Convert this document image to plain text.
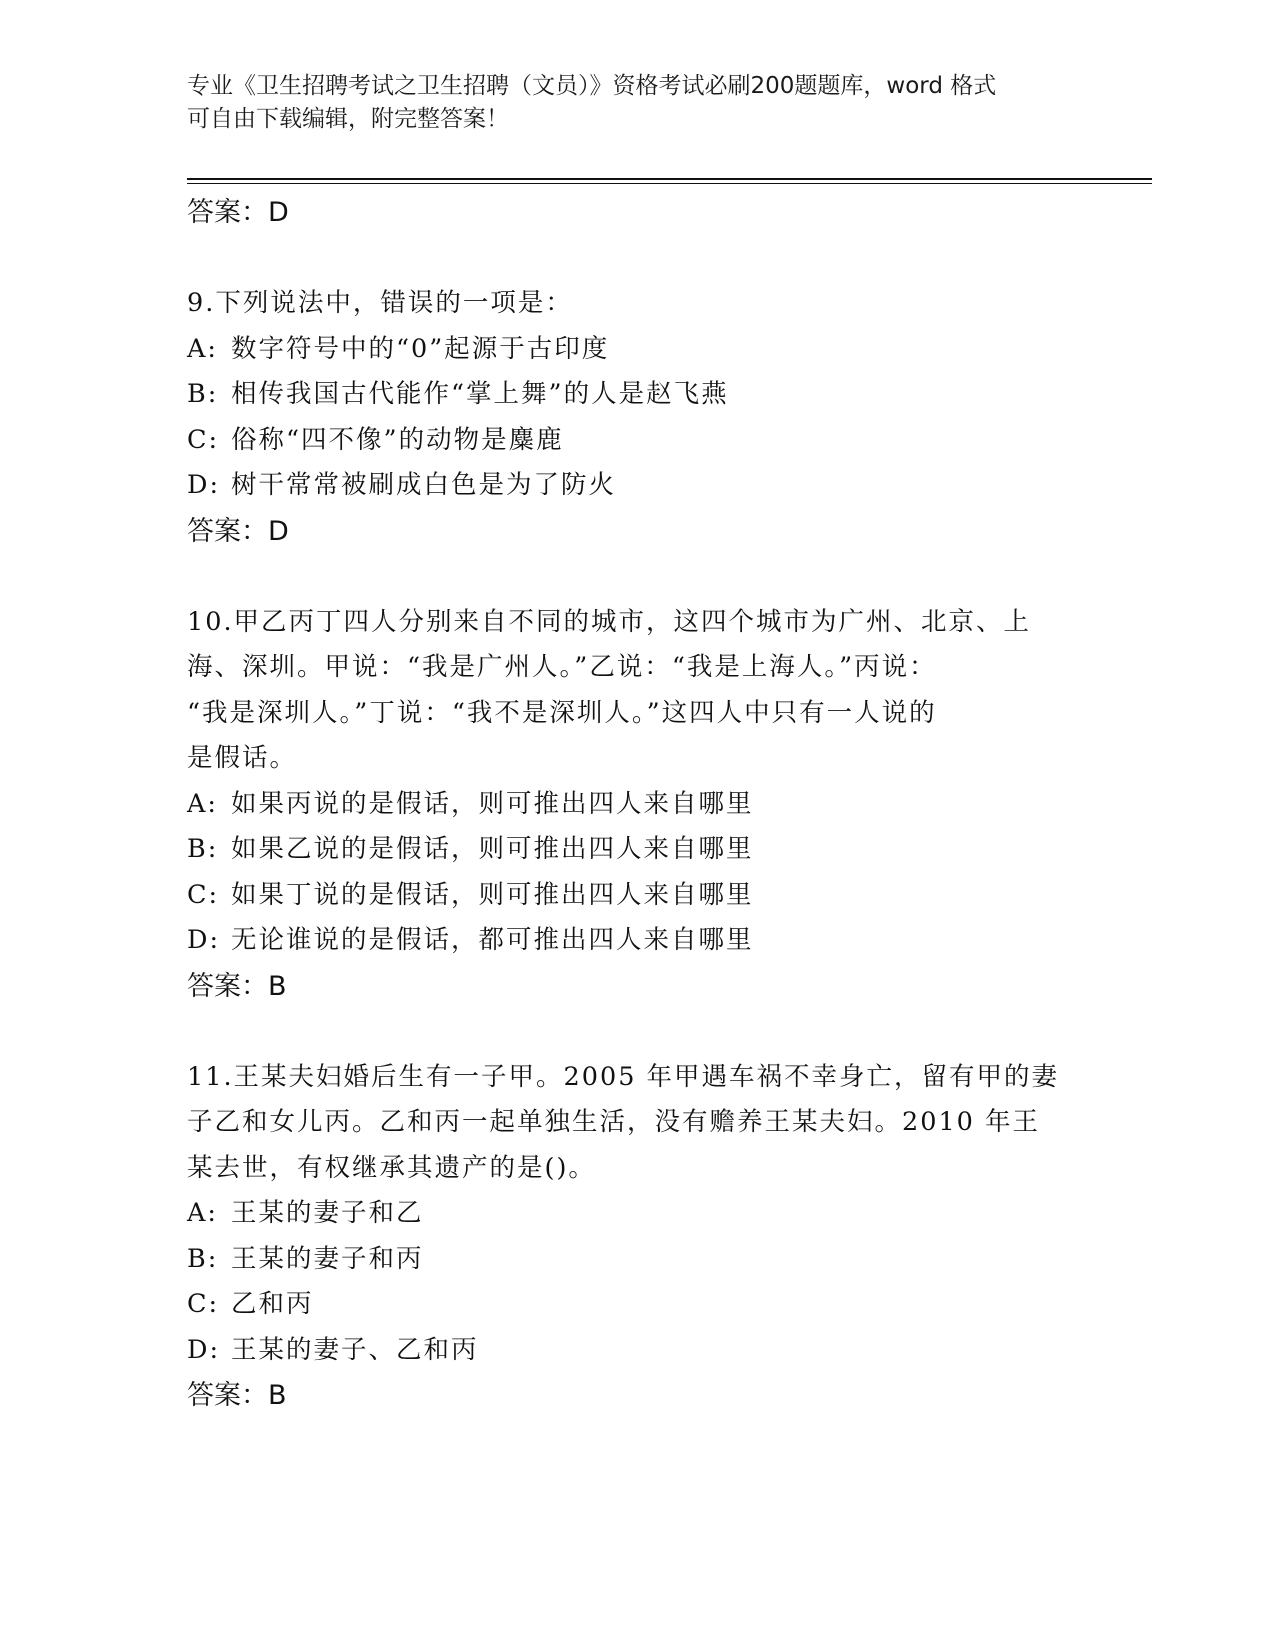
专业《卫生招聘考试之卫生招聘（文员）》资格考试必刷200题题库，word 格式
可自由下载编辑，附完整答案！
答案：D
9.下列说法中，错误的一项是：
A: 数字符号中的“0”起源于古印度
B: 相传我国古代能作“掌上舞”的人是赵飞燕
C: 俗称“四不像”的动物是麋鹿
D: 树干常常被刷成白色是为了防火
答案：D
10.甲乙丙丁四人分别来自不同的城市，这四个城市为广州、北京、上
海、深圳。甲说：“我是广州人。”乙说：“我是上海人。”丙说：
“我是深圳人。”丁说：“我不是深圳人。”这四人中只有一人说的
是假话。
A: 如果丙说的是假话，则可推出四人来自哪里
B: 如果乙说的是假话，则可推出四人来自哪里
C: 如果丁说的是假话，则可推出四人来自哪里
D: 无论谁说的是假话，都可推出四人来自哪里
答案：B
11.王某夫妇婚后生有一子甲。2005 年甲遇车祸不幸身亡，留有甲的妻
子乙和女儿丙。乙和丙一起单独生活，没有赡养王某夫妇。2010 年王
某去世，有权继承其遗产的是()。
A: 王某的妻子和乙
B: 王某的妻子和丙
C: 乙和丙
D: 王某的妻子、乙和丙
答案：B
